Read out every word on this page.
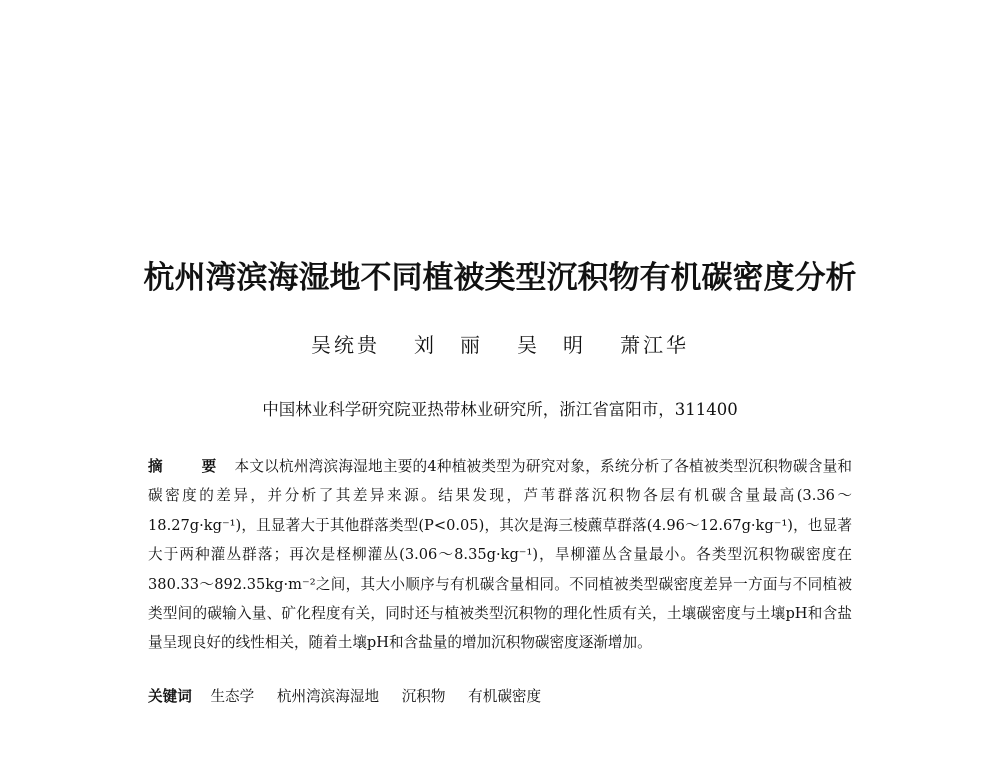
杭州湾滨海湿地不同植被类型沉积物有机碳密度分析
吴统贵 刘　丽 吴　明 萧江华
中国林业科学研究院亚热带林业研究所，浙江省富阳市，311400
摘　要 本文以杭州湾滨海湿地主要的4种植被类型为研究对象，系统分析了各植被类型沉积物碳含量和碳密度的差异，并分析了其差异来源。结果发现，芦苇群落沉积物各层有机碳含量最高(3.36～18.27g·kg⁻¹)，且显著大于其他群落类型(P<0.05)，其次是海三棱藨草群落(4.96～12.67g·kg⁻¹)，也显著大于两种灌丛群落；再次是柽柳灌丛(3.06～8.35g·kg⁻¹)，旱柳灌丛含量最小。各类型沉积物碳密度在380.33～892.35kg·m⁻²之间，其大小顺序与有机碳含量相同。不同植被类型碳密度差异一方面与不同植被类型间的碳输入量、矿化程度有关，同时还与植被类型沉积物的理化性质有关，土壤碳密度与土壤pH和含盐量呈现良好的线性相关，随着土壤pH和含盐量的增加沉积物碳密度逐渐增加。
关键词 生态学 杭州湾滨海湿地 沉积物 有机碳密度
